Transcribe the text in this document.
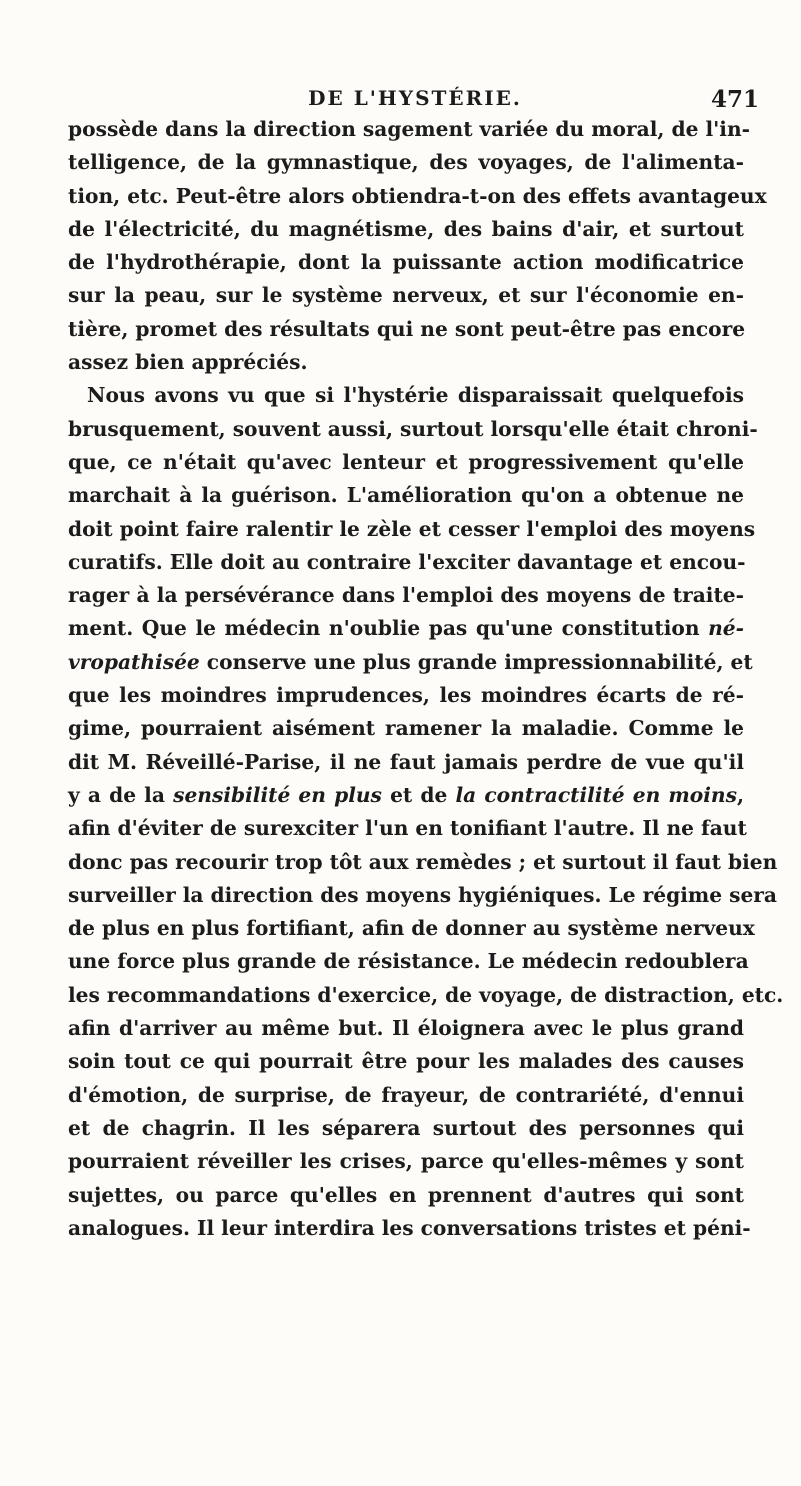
DE L'HYSTÉRIE.	471
possède dans la direction sagement variée du moral, de l'in-
telligence, de la gymnastique, des voyages, de l'alimenta-
tion, etc. Peut-être alors obtiendra-t-on des effets avantageux
de l'électricité, du magnétisme, des bains d'air, et surtout
de l'hydrothérapie, dont la puissante action modificatrice
sur la peau, sur le système nerveux, et sur l'économie en-
tière, promet des résultats qui ne sont peut-être pas encore
assez bien appréciés.
Nous avons vu que si l'hystérie disparaissait quelquefois
brusquement, souvent aussi, surtout lorsqu'elle était chroni-
que, ce n'était qu'avec lenteur et progressivement qu'elle
marchait à la guérison. L'amélioration qu'on a obtenue ne
doit point faire ralentir le zèle et cesser l'emploi des moyens
curatifs. Elle doit au contraire l'exciter davantage et encou-
rager à la persévérance dans l'emploi des moyens de traite-
ment. Que le médecin n'oublie pas qu'une constitution né-
vropathisée conserve une plus grande impressionnabilité, et
que les moindres imprudences, les moindres écarts de ré-
gime, pourraient aisément ramener la maladie. Comme le
dit M. Réveillé-Parise, il ne faut jamais perdre de vue qu'il
y a de la sensibilité en plus et de la contractilité en moins,
afin d'éviter de surexciter l'un en tonifiant l'autre. Il ne faut
donc pas recourir trop tôt aux remèdes ; et surtout il faut bien
surveiller la direction des moyens hygiéniques. Le régime sera
de plus en plus fortifiant, afin de donner au système nerveux
une force plus grande de résistance. Le médecin redoublera
les recommandations d'exercice, de voyage, de distraction, etc.
afin d'arriver au même but. Il éloignera avec le plus grand
soin tout ce qui pourrait être pour les malades des causes
d'émotion, de surprise, de frayeur, de contrariété, d'ennui
et de chagrin. Il les séparera surtout des personnes qui
pourraient réveiller les crises, parce qu'elles-mêmes y sont
sujettes, ou parce qu'elles en prennent d'autres qui sont
analogues. Il leur interdira les conversations tristes et péni-
